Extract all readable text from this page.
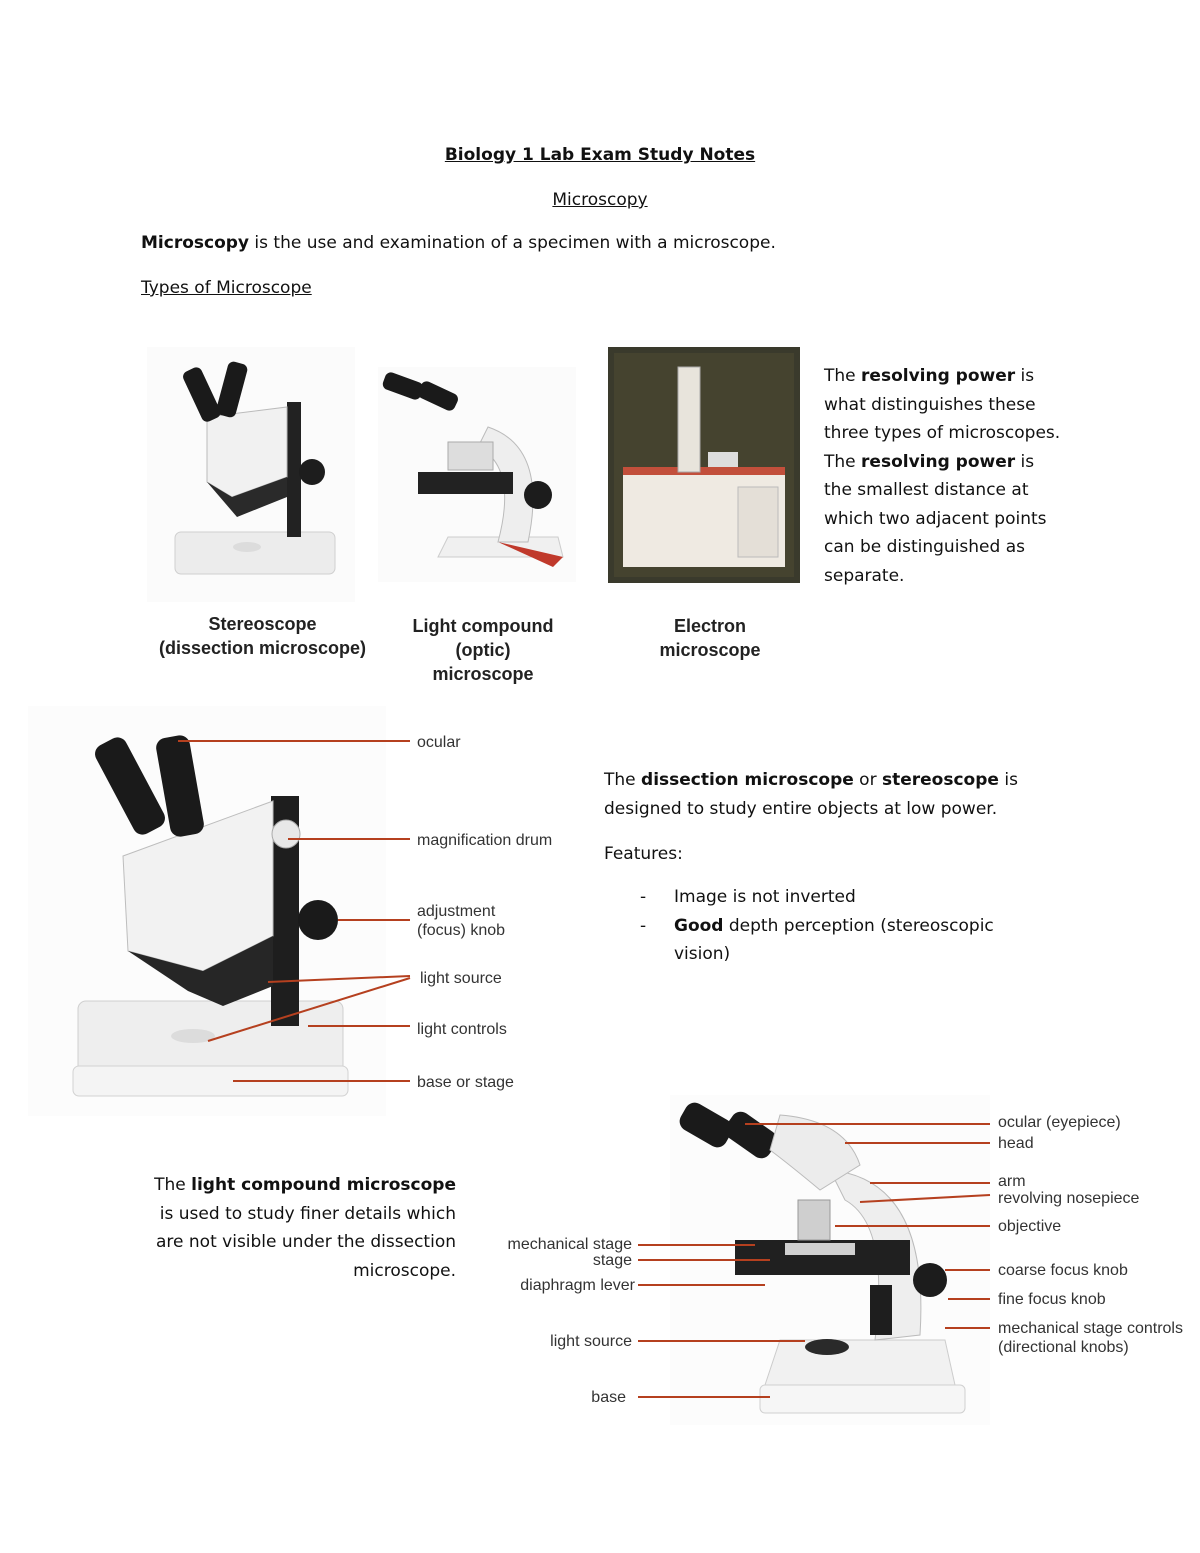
Biology 1 Lab Exam Study Notes
Microscopy
Microscopy is the use and examination of a specimen with a microscope.
Types of Microscope
Stereoscope
(dissection microscope)
Light compound
(optic)
microscope
Electron
microscope
The resolving power is what distinguishes these three types of microscopes. The resolving power is the smallest distance at which two adjacent points can be distinguished as separate.
ocular
magnification drum
adjustment
(focus) knob
light source
light controls
base or stage
The dissection microscope or stereoscope is designed to study entire objects at low power.
Features:
- Image is not inverted
- Good depth perception (stereoscopic vision)
The light compound microscope is used to study finer details which are not visible under the dissection microscope.
ocular (eyepiece)
head
arm
revolving nosepiece
objective
coarse focus knob
fine focus knob
mechanical stage controls
(directional knobs)
mechanical stage
stage
diaphragm lever
light source
base
